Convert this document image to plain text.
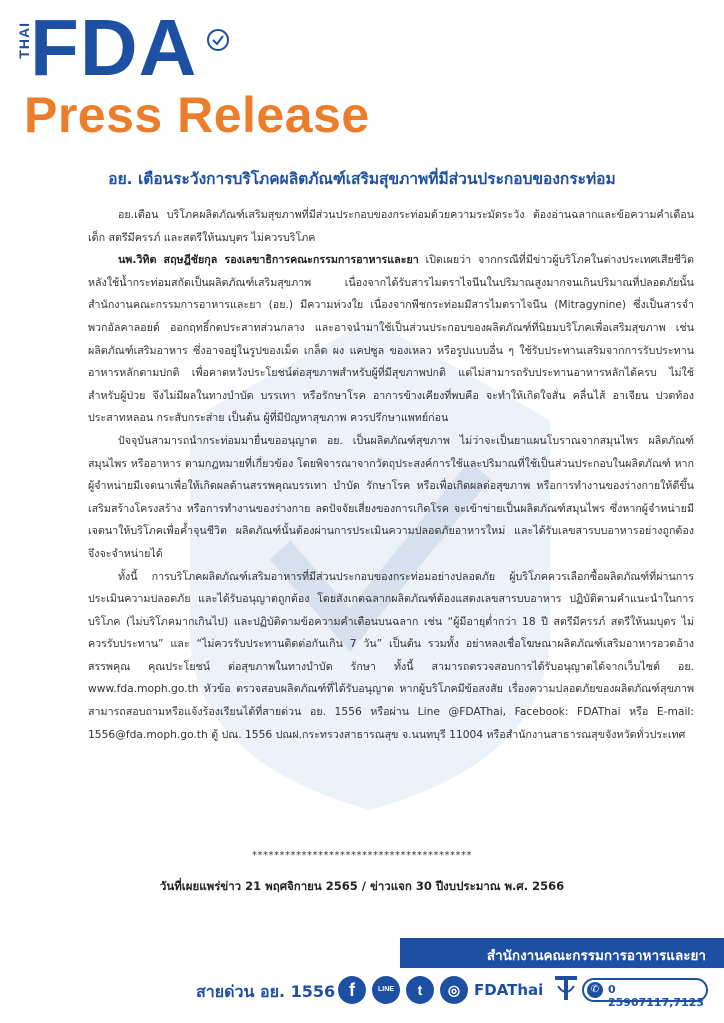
THAI
FDA
Press Release
อย. เตือนระวังการบริโภคผลิตภัณฑ์เสริมสุขภาพที่มีส่วนประกอบของกระท่อม

อย.เตือน บริโภคผลิตภัณฑ์เสริมสุขภาพที่มีส่วนประกอบของกระท่อมด้วยความระมัดระวัง ต้องอ่านฉลากและข้อความคำเตือน เด็ก สตรีมีครรภ์ และสตรีให้นมบุตร ไม่ควรบริโภค

นพ.วิทิต สฤษฎีชัยกุล รองเลขาธิการคณะกรรมการอาหารและยา เปิดเผยว่า จากกรณีที่มีข่าวผู้บริโภคในต่างประเทศเสียชีวิตหลังใช้น้ำกระท่อมสกัดเป็นผลิตภัณฑ์เสริมสุขภาพ เนื่องจากได้รับสารไมตราไจนีนในปริมาณสูงมากจนเกินปริมาณที่ปลอดภัยนั้น สำนักงานคณะกรรมการอาหารและยา (อย.) มีความห่วงใย เนื่องจากพืชกระท่อมมีสารไมตราไจนีน (Mitragynine) ซึ่งเป็นสารจำพวกอัลคาลอยด์ ออกฤทธิ์กดประสาทส่วนกลาง และอาจนำมาใช้เป็นส่วนประกอบของผลิตภัณฑ์ที่นิยมบริโภคเพื่อเสริมสุขภาพ เช่น ผลิตภัณฑ์เสริมอาหาร ซึ่งอาจอยู่ในรูปของเม็ด เกล็ด ผง แคปซูล ของเหลว หรือรูปแบบอื่น ๆ ใช้รับประทานเสริมจากการรับประทานอาหารหลักตามปกติ เพื่อคาดหวังประโยชน์ต่อสุขภาพสำหรับผู้ที่มีสุขภาพปกติ แต่ไม่สามารถรับประทานอาหารหลักได้ครบ ไม่ใช้สำหรับผู้ป่วย จึงไม่มีผลในทางบำบัด บรรเทา หรือรักษาโรค อาการข้างเคียงที่พบคือ จะทำให้เกิดใจสั่น คลื่นไส้ อาเจียน ปวดท้อง ประสาทหลอน กระสับกระส่าย เป็นต้น ผู้ที่มีปัญหาสุขภาพ ควรปรึกษาแพทย์ก่อน

ปัจจุบันสามารถนำกระท่อมมายื่นขออนุญาต อย. เป็นผลิตภัณฑ์สุขภาพ ไม่ว่าจะเป็นยาแผนโบราณจากสมุนไพร ผลิตภัณฑ์สมุนไพร หรืออาหาร ตามกฎหมายที่เกี่ยวข้อง โดยพิจารณาจากวัตถุประสงค์การใช้และปริมาณที่ใช้เป็นส่วนประกอบในผลิตภัณฑ์ หากผู้จำหน่ายมีเจตนาเพื่อให้เกิดผลด้านสรรพคุณบรรเทา บำบัด รักษาโรค หรือเพื่อเกิดผลต่อสุขภาพ หรือการทำงานของร่างกายให้ดีขึ้น เสริมสร้างโครงสร้าง หรือการทำงานของร่างกาย ลดปัจจัยเสี่ยงของการเกิดโรค จะเข้าข่ายเป็นผลิตภัณฑ์สมุนไพร ซึ่งหากผู้จำหน่ายมีเจตนาให้บริโภคเพื่อค้ำจุนชีวิต ผลิตภัณฑ์นั้นต้องผ่านการประเมินความปลอดภัยอาหารใหม่ และได้รับเลขสารบบอาหารอย่างถูกต้องจึงจะจำหน่ายได้

ทั้งนี้ การบริโภคผลิตภัณฑ์เสริมอาหารที่มีส่วนประกอบของกระท่อมอย่างปลอดภัย ผู้บริโภคควรเลือกซื้อผลิตภัณฑ์ที่ผ่านการประเมินความปลอดภัย และได้รับอนุญาตถูกต้อง โดยสังเกตฉลากผลิตภัณฑ์ต้องแสดงเลขสารบบอาหาร ปฏิบัติตามคำแนะนำในการบริโภค (ไม่บริโภคมากเกินไป) และปฏิบัติตามข้อความคำเตือนบนฉลาก เช่น “ผู้มีอายุต่ำกว่า 18 ปี สตรีมีครรภ์ สตรีให้นมบุตร ไม่ควรรับประทาน” และ “ไม่ควรรับประทานติดต่อกันเกิน 7 วัน” เป็นต้น รวมทั้ง อย่าหลงเชื่อโฆษณาผลิตภัณฑ์เสริมอาหารอวดอ้างสรรพคุณ คุณประโยชน์ ต่อสุขภาพในทางบำบัด รักษา ทั้งนี้ สามารถตรวจสอบการได้รับอนุญาตได้จากเว็บไซต์ อย. www.fda.moph.go.th หัวข้อ ตรวจสอบผลิตภัณฑ์ที่ได้รับอนุญาต หากผู้บริโภคมีข้อสงสัย เรื่องความปลอดภัยของผลิตภัณฑ์สุขภาพ สามารถสอบถามหรือแจ้งร้องเรียนได้ที่สายด่วน อย. 1556 หรือผ่าน Line @FDAThai, Facebook: FDAThai หรือ E-mail: 1556@fda.moph.go.th ตู้ ปณ. 1556 ปณฝ.กระทรวงสาธารณสุข จ.นนทบุรี 11004 หรือสำนักงานสาธารณสุขจังหวัดทั่วประเทศ

****************************************
วันที่เผยแพร่ข่าว 21 พฤศจิกายน 2565 / ข่าวแจก 30 ปีงบประมาณ พ.ศ. 2566
สำนักงานคณะกรรมการอาหารและยา
สายด่วน อย. 1556 f	LINE	t	◎ FDAThai	✆ 0 25907117,7123
